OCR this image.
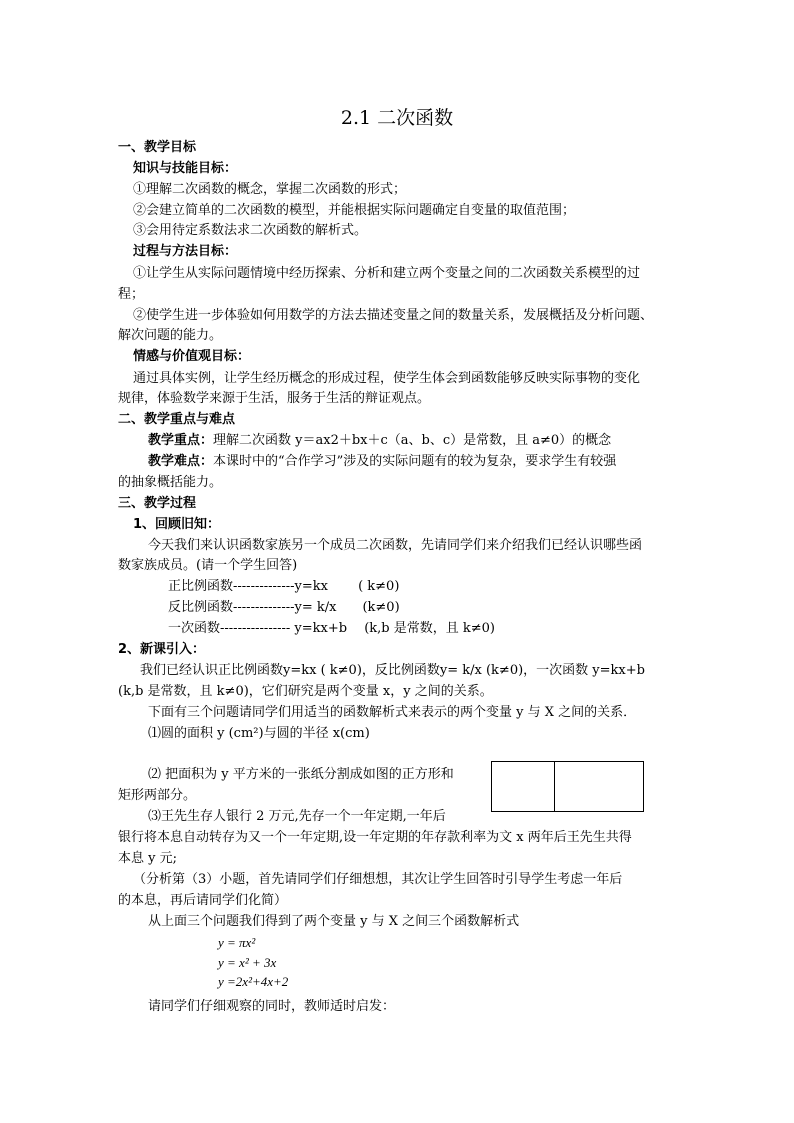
2.1 二次函数
一、教学目标
知识与技能目标：
①理解二次函数的概念，掌握二次函数的形式；
②会建立简单的二次函数的模型，并能根据实际问题确定自变量的取值范围；
③会用待定系数法求二次函数的解析式。
过程与方法目标：
①让学生从实际问题情境中经历探索、分析和建立两个变量之间的二次函数关系模型的过
程；
②使学生进一步体验如何用数学的方法去描述变量之间的数量关系，发展概括及分析问题、
解次问题的能力。
情感与价值观目标：
通过具体实例，让学生经历概念的形成过程，使学生体会到函数能够反映实际事物的变化
规律，体验数学来源于生活，服务于生活的辩证观点。
二、教学重点与难点
教学重点：理解二次函数 y＝ax2＋bx＋c（a、b、c）是常数，且 a≠0）的概念
教学难点：本课时中的“合作学习”涉及的实际问题有的较为复杂，要求学生有较强
的抽象概括能力。
三、教学过程
1、回顾旧知：
今天我们来认识函数家族另一个成员二次函数，先请同学们来介绍我们已经认识哪些函
数家族成员。(请一个学生回答)
正比例函数--------------y=kx　　 ( k≠0)
反比例函数--------------y= k/x　　(k≠0)
一次函数---------------- y=kx+b　 (k,b 是常数，且 k≠0)
2、新课引入：
我们已经认识正比例函数y=kx ( k≠0)，反比例函数y= k/x (k≠0)，一次函数 y=kx+b
(k,b 是常数，且 k≠0)，它们研究是两个变量 x，y 之间的关系。
下面有三个问题请同学们用适当的函数解析式来表示的两个变量 y 与 X 之间的关系．
⑴圆的面积 y (cm²)与圆的半径 x(cm)
⑵ 把面积为 y 平方米的一张纸分割成如图的正方形和
矩形两部分。
⑶王先生存人银行 2 万元,先存一个一年定期,一年后
银行将本息自动转存为又一个一年定期,设一年定期的年存款利率为文 x 两年后王先生共得
本息 y 元;
（分析第（3）小题，首先请同学们仔细想想，其次让学生回答时引导学生考虑一年后
的本息，再后请同学们化简）
从上面三个问题我们得到了两个变量 y 与 X 之间三个函数解析式
y = πx²
y = x² + 3x
y =2x²+4x+2
请同学们仔细观察的同时，教师适时启发：
